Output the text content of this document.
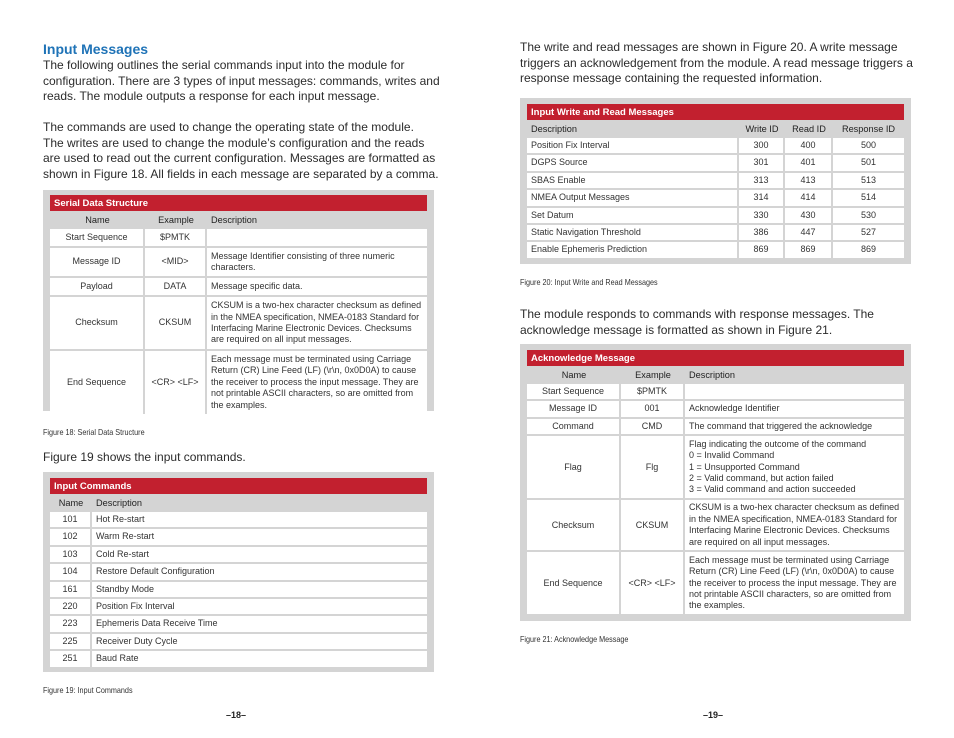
Input Messages
The following outlines the serial commands input into the module for
configuration. There are 3 types of input messages: commands, writes and
reads. The module outputs a response for each input message.
The commands are used to change the operating state of the module.
The writes are used to change the module’s configuration and the reads
are used to read out the current configuration. Messages are formatted as
shown in Figure 18. All fields in each message are separated by a comma.
Serial Data Structure
Name	Example	Description
Start Sequence	$PMTK	
Message ID	<MID>	Message Identifier consisting of three numeric characters.
Payload	DATA	Message specific data.
Checksum	CKSUM	CKSUM is a two-hex character checksum as defined in the NMEA specification, NMEA-0183 Standard for Interfacing Marine Electronic Devices. Checksums are required on all input messages.
End Sequence	<CR> <LF>	Each message must be terminated using Carriage Return (CR) Line Feed (LF) (\r\n, 0x0D0A) to cause the receiver to process the input message. They are not printable ASCII characters, so are omitted from the examples.
Figure 18: Serial Data Structure
Figure 19 shows the input commands.
Input Commands
Name	Description
101	Hot Re-start
102	Warm Re-start
103	Cold Re-start
104	Restore Default Configuration
161	Standby Mode
220	Position Fix Interval
223	Ephemeris Data Receive Time
225	Receiver Duty Cycle
251	Baud Rate
Figure 19: Input Commands
–18–
The write and read messages are shown in Figure 20. A write message
triggers an acknowledgement from the module. A read message triggers a
response message containing the requested information.
Input Write and Read Messages
Description	Write ID	Read ID	Response ID
Position Fix Interval	300	400	500
DGPS Source	301	401	501
SBAS Enable	313	413	513
NMEA Output Messages	314	414	514
Set Datum	330	430	530
Static Navigation Threshold	386	447	527
Enable Ephemeris Prediction	869	869	869
Figure 20: Input Write and Read Messages
The module responds to commands with response messages. The
acknowledge message is formatted as shown in Figure 21.
Acknowledge Message
Name	Example	Description
Start Sequence	$PMTK	
Message ID	001	Acknowledge Identifier
Command	CMD	The command that triggered the acknowledge
Flag	Flg	Flag indicating the outcome of the command
0 = Invalid Command
1 = Unsupported Command
2 = Valid command, but action failed
3 = Valid command and action succeeded
Checksum	CKSUM	CKSUM is a two-hex character checksum as defined in the NMEA specification, NMEA-0183 Standard for Interfacing Marine Electronic Devices. Checksums are required on all input messages.
End Sequence	<CR> <LF>	Each message must be terminated using Carriage Return (CR) Line Feed (LF) (\r\n, 0x0D0A) to cause the receiver to process the input message. They are not printable ASCII characters, so are omitted from the examples.
Figure 21: Acknowledge Message
–19–
